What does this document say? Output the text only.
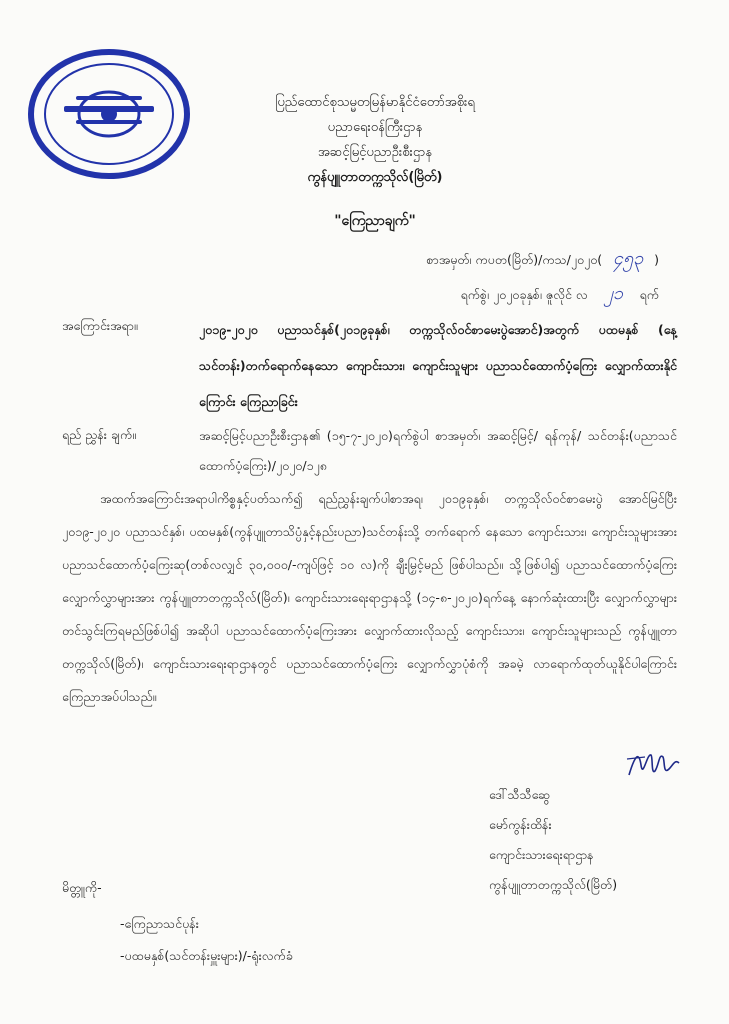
ပြည်ထောင်စုသမ္မတမြန်မာနိုင်ငံတော်အစိုးရ
ပညာရေးဝန်ကြီးဌာန
အဆင့်မြင့်ပညာဦးစီးဌာန
ကွန်ပျူတာတက္ကသိုလ်(မြိတ်)
"ကြေညာချက်"
စာအမှတ်၊ ကပတ(မြိတ်)/ကသ/၂၀၂၀( ၄၅၃ )
ရက်စွဲ၊ ၂၀၂၀ခုနှစ်၊ ဇူလိုင် လ ၂၁ ရက်
အကြောင်းအရာ။	၂၀၁၉-၂၀၂၀ ပညာသင်နှစ်(၂၀၁၉ခုနှစ်၊ တက္ကသိုလ်ဝင်စာမေးပွဲအောင်)အတွက် ပထမနှစ် (နေ့သင်တန်း)တက်ရောက်နေသော ကျောင်းသား၊ ကျောင်းသူများ ပညာသင်ထောက်ပံ့ကြေး လျှောက်ထားနိုင်ကြောင်း ကြေညာခြင်း
ရည် ညွှန်း ချက်။	အဆင့်မြင့်ပညာဦးစီးဌာန၏ (၁၅-၇-၂၀၂၀)ရက်စွဲပါ စာအမှတ်၊ အဆင့်မြင့်/ ရန်ကုန်/ သင်တန်း(ပညာသင်ထောက်ပံ့ကြေး)/၂၀၂၀/၁၂၈
အထက်အကြောင်းအရာပါကိစ္စနှင့်ပတ်သက်၍ ရည်ညွှန်းချက်ပါစာအရ၊ ၂၀၁၉ခုနှစ်၊ တက္ကသိုလ်ဝင်စာမေးပွဲ အောင်မြင်ပြီး ၂၀၁၉-၂၀၂၀ ပညာသင်နှစ်၊ ပထမနှစ်(ကွန်ပျူတာသိပ္ပံနှင့်နည်းပညာ)သင်တန်းသို့ တက်ရောက် နေသော ကျောင်းသား၊ ကျောင်းသူများအား ပညာသင်ထောက်ပံ့ကြေးဆု(တစ်လလျှင် ၃၀,၀၀၀/-ကျပ်ဖြင့် ၁၀ လ)ကို ချီးမြှင့်မည် ဖြစ်ပါသည်။ သို့ဖြစ်ပါ၍ ပညာသင်ထောက်ပံ့ကြေးလျှောက်လွှာများအား ကွန်ပျူတာတက္ကသိုလ်(မြိတ်)၊ ကျောင်းသားရေးရာဌာနသို့ (၁၄-၈-၂၀၂၀)ရက်နေ့ နောက်ဆုံးထားပြီး လျှောက်လွှာများ တင်သွင်းကြရမည်ဖြစ်ပါ၍ အဆိုပါ ပညာသင်ထောက်ပံ့ကြေးအား လျှောက်ထားလိုသည့် ကျောင်းသား၊ ကျောင်းသူများသည် ကွန်ပျူတာတက္ကသိုလ်(မြိတ်)၊ ကျောင်းသားရေးရာဌာနတွင် ပညာသင်ထောက်ပံ့ကြေး လျှောက်လွှာပုံစံကို အခမဲ့ လာရောက်ထုတ်ယူနိုင်ပါကြောင်း ကြေညာအပ်ပါသည်။
ဒေါ်သီသီဆွေ
မော်ကွန်းထိန်း
ကျောင်းသားရေးရာဌာန
ကွန်ပျူတာတက္ကသိုလ်(မြိတ်)
မိတ္တူကို-
-ကြေညာသင်ပုန်း
-ပထမနှစ်(သင်တန်းမှူးများ)/-ရုံးလက်ခံ
